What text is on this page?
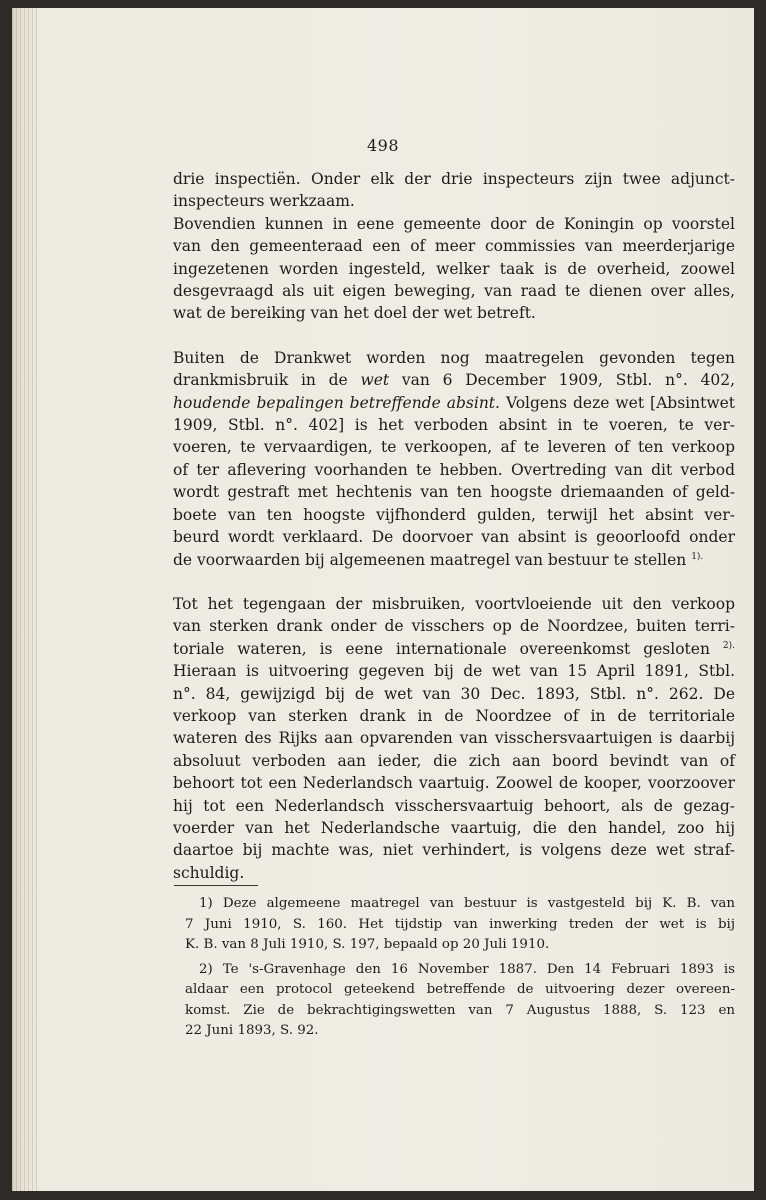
498

drie inspectiën. Onder elk der drie inspecteurs zijn twee adjunct-
inspecteurs werkzaam.

Bovendien kunnen in eene gemeente door de Koningin op voorstel
van den gemeenteraad een of meer commissies van meerderjarige
ingezetenen worden ingesteld, welker taak is de overheid, zoowel
desgevraagd als uit eigen beweging, van raad te dienen over alles,
wat de bereiking van het doel der wet betreft.

Buiten de Drankwet worden nog maatregelen gevonden tegen
drankmisbruik in de wet van 6 December 1909, Stbl. n°. 402,
houdende bepalingen betreffende absint. Volgens deze wet [Absintwet
1909, Stbl. n°. 402] is het verboden absint in te voeren, te ver-
voeren, te vervaardigen, te verkoopen, af te leveren of ten verkoop
of ter aflevering voorhanden te hebben. Overtreding van dit verbod
wordt gestraft met hechtenis van ten hoogste driemaanden of geld-
boete van ten hoogste vijfhonderd gulden, terwijl het absint ver-
beurd wordt verklaard. De doorvoer van absint is geoorloofd onder
de voorwaarden bij algemeenen maatregel van bestuur te stellen $^{1).}$

Tot het tegengaan der misbruiken, voortvloeiende uit den verkoop
van sterken drank onder de visschers op de Noordzee, buiten terri-
toriale wateren, is eene internationale overeenkomst gesloten $^{2).}$
Hieraan is uitvoering gegeven bij de wet van 15 April 1891, Stbl.
n°. 84, gewijzigd bij de wet van 30 Dec. 1893, Stbl. n°. 262. De
verkoop van sterken drank in de Noordzee of in de territoriale
wateren des Rijks aan opvarenden van visschersvaartuigen is daarbij
absoluut verboden aan ieder, die zich aan boord bevindt van of
behoort tot een Nederlandsch vaartuig. Zoowel de kooper, voorzoover
hij tot een Nederlandsch visschersvaartuig behoort, als de gezag-
voerder van het Nederlandsche vaartuig, die den handel, zoo hij
daartoe bij machte was, niet verhindert, is volgens deze wet straf-
schuldig.

1) Deze algemeene maatregel van bestuur is vastgesteld bij K. B. van
7 Juni 1910, S. 160. Het tijdstip van inwerking treden der wet is bij
K. B. van 8 Juli 1910, S. 197, bepaald op 20 Juli 1910.
2) Te 's-Gravenhage den 16 November 1887. Den 14 Februari 1893 is
aldaar een protocol geteekend betreffende de uitvoering dezer overeen-
komst. Zie de bekrachtigingswetten van 7 Augustus 1888, S. 123 en
22 Juni 1893, S. 92.
